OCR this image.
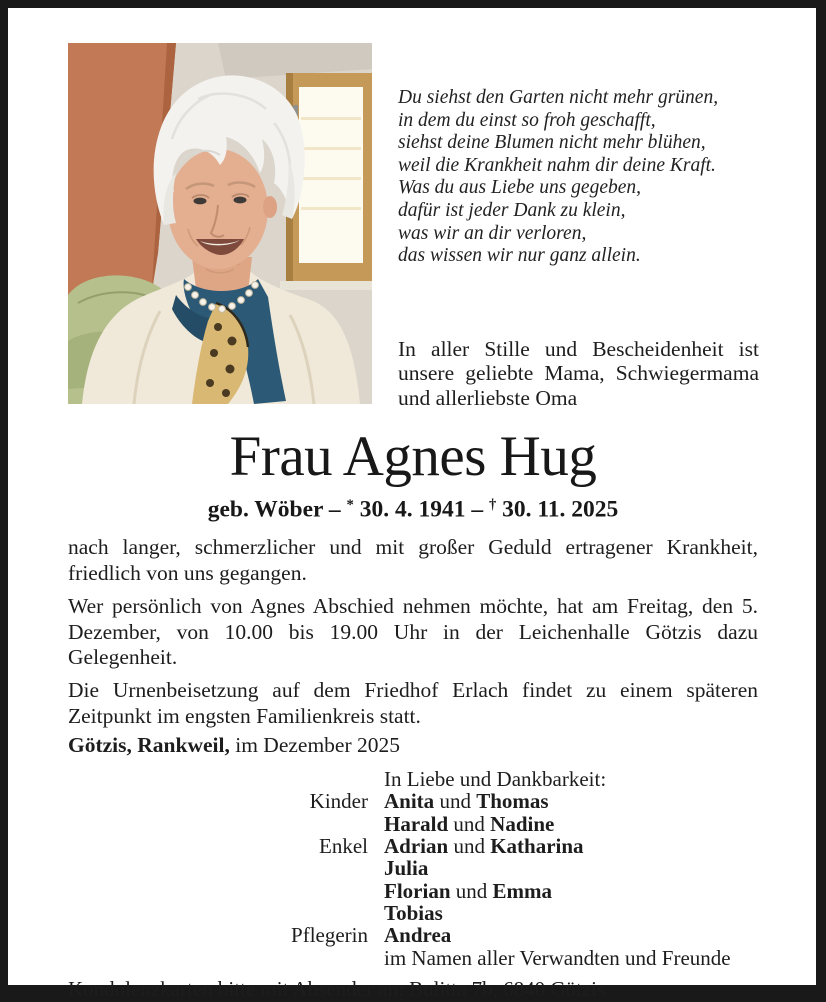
Du siehst den Garten nicht mehr grünen,
in dem du einst so froh geschafft,
siehst deine Blumen nicht mehr blühen,
weil die Krankheit nahm dir deine Kraft.
Was du aus Liebe uns gegeben,
dafür ist jeder Dank zu klein,
was wir an dir verloren,
das wissen wir nur ganz allein.
In aller Stille und Bescheidenheit ist
unsere geliebte Mama, Schwiegermama
und allerliebste Oma
Frau Agnes Hug
geb. Wöber – * 30. 4. 1941 – † 30. 11. 2025

nach langer, schmerzlicher und mit großer Geduld ertragener Krankheit, friedlich von uns gegangen.

Wer persönlich von Agnes Abschied nehmen möchte, hat am Freitag, den 5. Dezember, von 10.00 bis 19.00 Uhr in der Leichenhalle Götzis dazu Gelegenheit.

Die Urnenbeisetzung auf dem Friedhof Erlach findet zu einem späteren Zeitpunkt im engsten Familienkreis statt.

Götzis, Rankweil, im Dezember 2025
In Liebe und Dankbarkeit:
Kinder Anita und Thomas
Harald und Nadine
Enkel Adrian und Katharina
Julia
Florian und Emma
Tobias
Pflegerin Andrea
im Namen aller Verwandten und Freunde
Kondolenzkarten bitte mit Absender an: Bulitta 7b, 6840 Götzis
